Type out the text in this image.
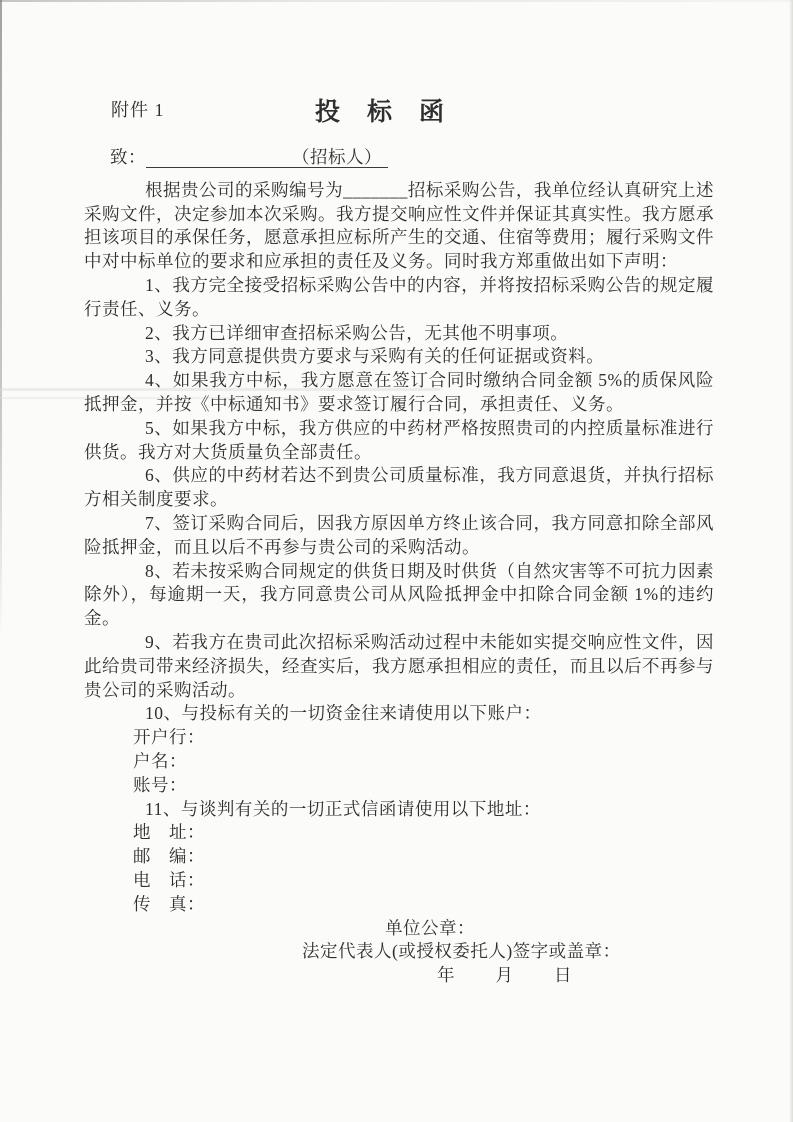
附件 1	投　标　函
致：	（招标人）

根据贵公司的采购编号为_______招标采购公告，我单位经认真研究上述采购文件，决定参加本次采购。我方提交响应性文件并保证其真实性。我方愿承担该项目的承保任务，愿意承担应标所产生的交通、住宿等费用；履行采购文件中对中标单位的要求和应承担的责任及义务。同时我方郑重做出如下声明：

1、我方完全接受招标采购公告中的内容，并将按招标采购公告的规定履行责任、义务。

2、我方已详细审查招标采购公告，无其他不明事项。

3、我方同意提供贵方要求与采购有关的任何证据或资料。

4、如果我方中标，我方愿意在签订合同时缴纳合同金额 5%的质保风险抵押金，并按《中标通知书》要求签订履行合同，承担责任、义务。

5、如果我方中标，我方供应的中药材严格按照贵司的内控质量标准进行供货。我方对大货质量负全部责任。

6、供应的中药材若达不到贵公司质量标准，我方同意退货，并执行招标方相关制度要求。

7、签订采购合同后，因我方原因单方终止该合同，我方同意扣除全部风险抵押金，而且以后不再参与贵公司的采购活动。

8、若未按采购合同规定的供货日期及时供货（自然灾害等不可抗力因素除外），每逾期一天，我方同意贵公司从风险抵押金中扣除合同金额 1%的违约金。

9、若我方在贵司此次招标采购活动过程中未能如实提交响应性文件，因此给贵司带来经济损失，经查实后，我方愿承担相应的责任，而且以后不再参与贵公司的采购活动。

10、与投标有关的一切资金往来请使用以下账户：

开户行：

户名：

账号：

11、与谈判有关的一切正式信函请使用以下地址：

地　址：

邮　编：

电　话：

传　真：

单位公章：

法定代表人(或授权委托人)签字或盖章：

年　　月　　日
